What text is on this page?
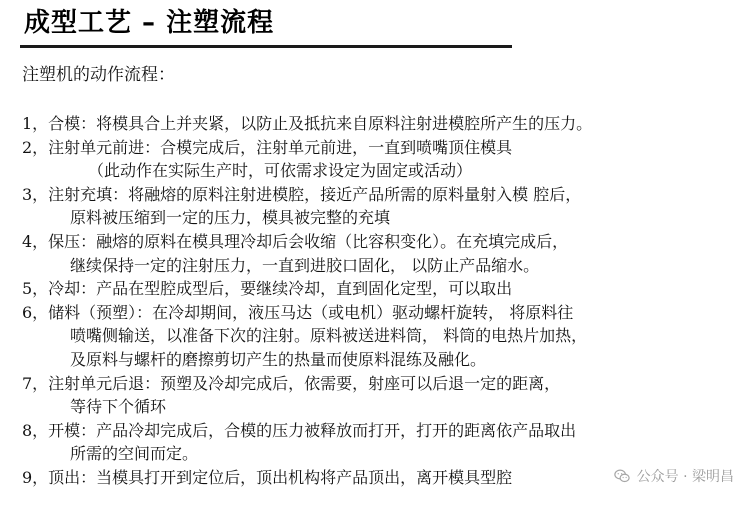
成型工艺 – 注塑流程
注塑机的动作流程：
1，合模：将模具合上并夹紧，以防止及抵抗来自原料注射进模腔所产生的压力。
2，注射单元前进：合模完成后，注射单元前进，一直到喷嘴顶住模具
（此动作在实际生产时，可依需求设定为固定或活动）
3，注射充填：将融熔的原料注射进模腔，接近产品所需的原料量射入模 腔后，
原料被压缩到一定的压力，模具被完整的充填
4，保压：融熔的原料在模具理冷却后会收缩（比容积变化）。在充填完成后，
继续保持一定的注射压力，一直到进胶口固化， 以防止产品缩水。
5，冷却：产品在型腔成型后，要继续冷却，直到固化定型，可以取出
6，储料（预塑）：在冷却期间，液压马达（或电机）驱动螺杆旋转， 将原料往
喷嘴侧输送，以准备下次的注射。原料被送进料筒， 料筒的电热片加热，
及原料与螺杆的磨擦剪切产生的热量而使原料混练及融化。
7，注射单元后退：预塑及冷却完成后，依需要，射座可以后退一定的距离，
等待下个循环
8，开模：产品冷却完成后，合模的压力被释放而打开，打开的距离依产品取出
所需的空间而定。
9，顶出：当模具打开到定位后，顶出机构将产品顶出，离开模具型腔	公众号 · 梁明昌
